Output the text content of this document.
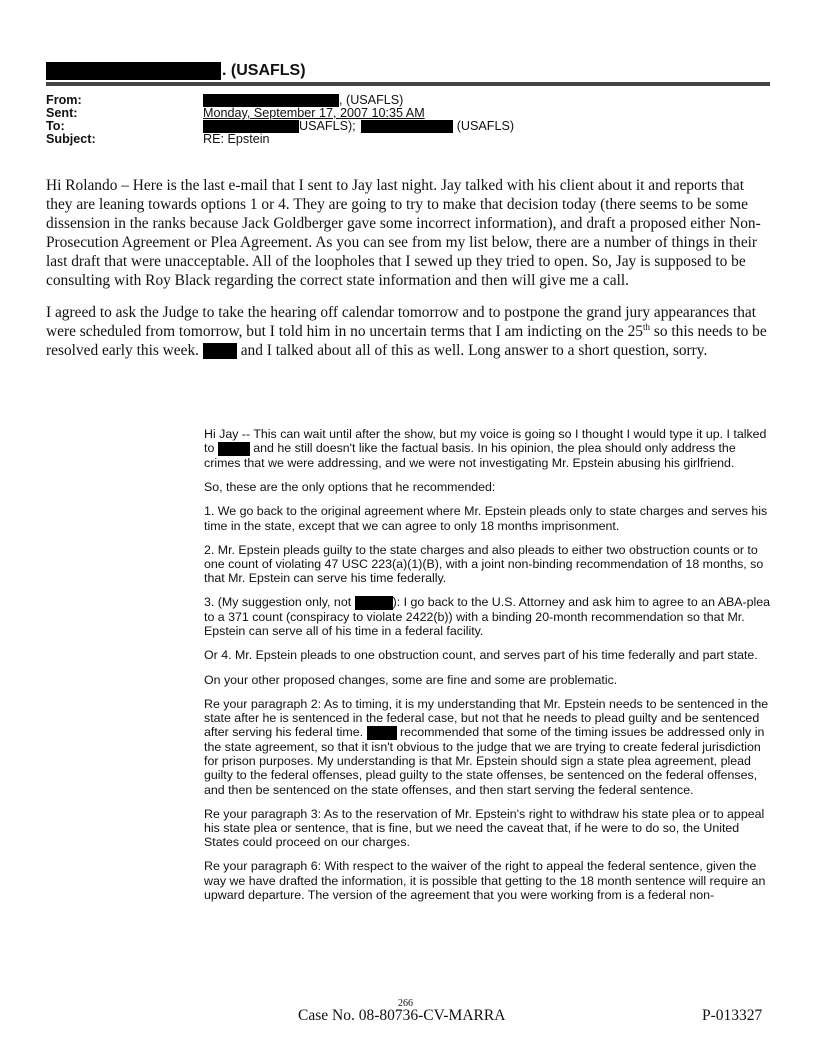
. (USAFLS)
From:	, (USAFLS)
Sent:	Monday, September 17, 2007 10:35 AM
To:	USAFLS);	(USAFLS)
Subject:	RE: Epstein

Hi Rolando – Here is the last e-mail that I sent to Jay last night. Jay talked with his client about it and reports that they are leaning towards options 1 or 4. They are going to try to make that decision today (there seems to be some dissension in the ranks because Jack Goldberger gave some incorrect information), and draft a proposed either Non-Prosecution Agreement or Plea Agreement. As you can see from my list below, there are a number of things in their last draft that were unacceptable. All of the loopholes that I sewed up they tried to open. So, Jay is supposed to be consulting with Roy Black regarding the correct state information and then will give me a call.

I agreed to ask the Judge to take the hearing off calendar tomorrow and to postpone the grand jury appearances that were scheduled from tomorrow, but I told him in no uncertain terms that I am indicting on the 25th so this needs to be resolved early this week.  and I talked about all of this as well. Long answer to a short question, sorry.

Hi Jay -- This can wait until after the show, but my voice is going so I thought I would type it up. I talked to	and he still doesn't like the factual basis. In his opinion, the plea should only address the crimes that we were addressing, and we were not investigating Mr. Epstein abusing his girlfriend.

So, these are the only options that he recommended:

1. We go back to the original agreement where Mr. Epstein pleads only to state charges and serves his time in the state, except that we can agree to only 18 months imprisonment.

2. Mr. Epstein pleads guilty to the state charges and also pleads to either two obstruction counts or to one count of violating 47 USC 223(a)(1)(B), with a joint non-binding recommendation of 18 months, so that Mr. Epstein can serve his time federally.

3. (My suggestion only, not	): I go back to the U.S. Attorney and ask him to agree to an ABA-plea to a 371 count (conspiracy to violate 2422(b)) with a binding 20-month recommendation so that Mr. Epstein can serve all of his time in a federal facility.

Or 4. Mr. Epstein pleads to one obstruction count, and serves part of his time federally and part state.

On your other proposed changes, some are fine and some are problematic.

Re your paragraph 2: As to timing, it is my understanding that Mr. Epstein needs to be sentenced in the state after he is sentenced in the federal case, but not that he needs to plead guilty and be sentenced after serving his federal time.	recommended that some of the timing issues be addressed only in the state agreement, so that it isn't obvious to the judge that we are trying to create federal jurisdiction for prison purposes. My understanding is that Mr. Epstein should sign a state plea agreement, plead guilty to the federal offenses, plead guilty to the state offenses, be sentenced on the federal offenses, and then be sentenced on the state offenses, and then start serving the federal sentence.

Re your paragraph 3: As to the reservation of Mr. Epstein's right to withdraw his state plea or to appeal his state plea or sentence, that is fine, but we need the caveat that, if he were to do so, the United States could proceed on our charges.

Re your paragraph 6: With respect to the waiver of the right to appeal the federal sentence, given the way we have drafted the information, it is possible that getting to the 18 month sentence will require an upward departure. The version of the agreement that you were working from is a federal non-

266
Case No. 08-80736-CV-MARRA	P-013327
